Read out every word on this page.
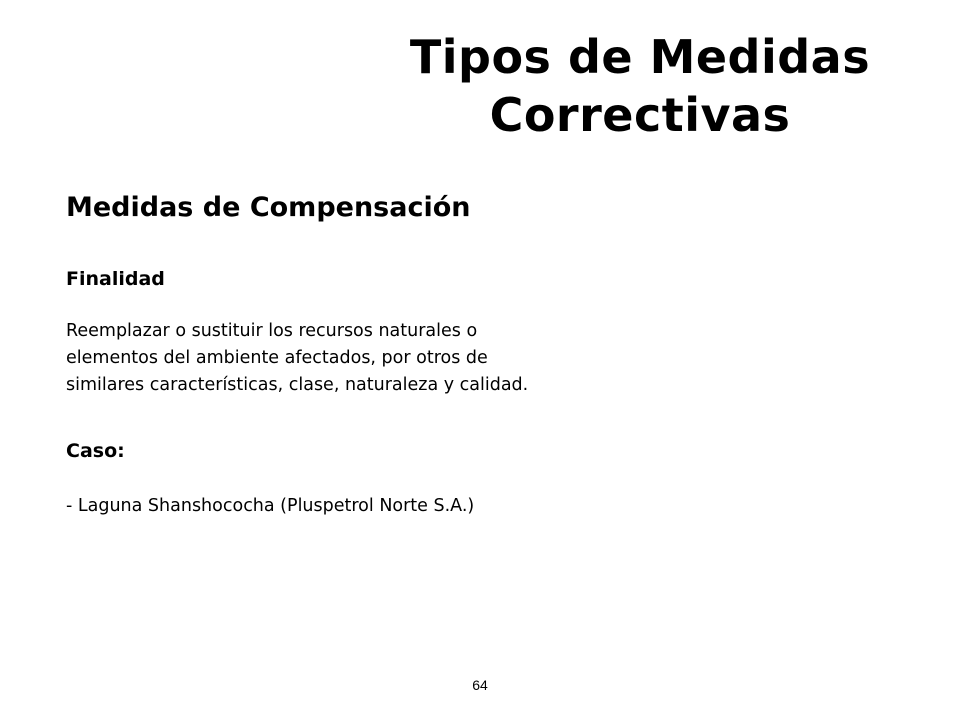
Tipos de Medidas
Correctivas
Medidas de Compensación
Finalidad

Reemplazar o sustituir los recursos naturales o
elementos del ambiente afectados, por otros de
similares características, clase, naturaleza y calidad.

Caso:

- Laguna Shanshococha (Pluspetrol Norte S.A.)

64
